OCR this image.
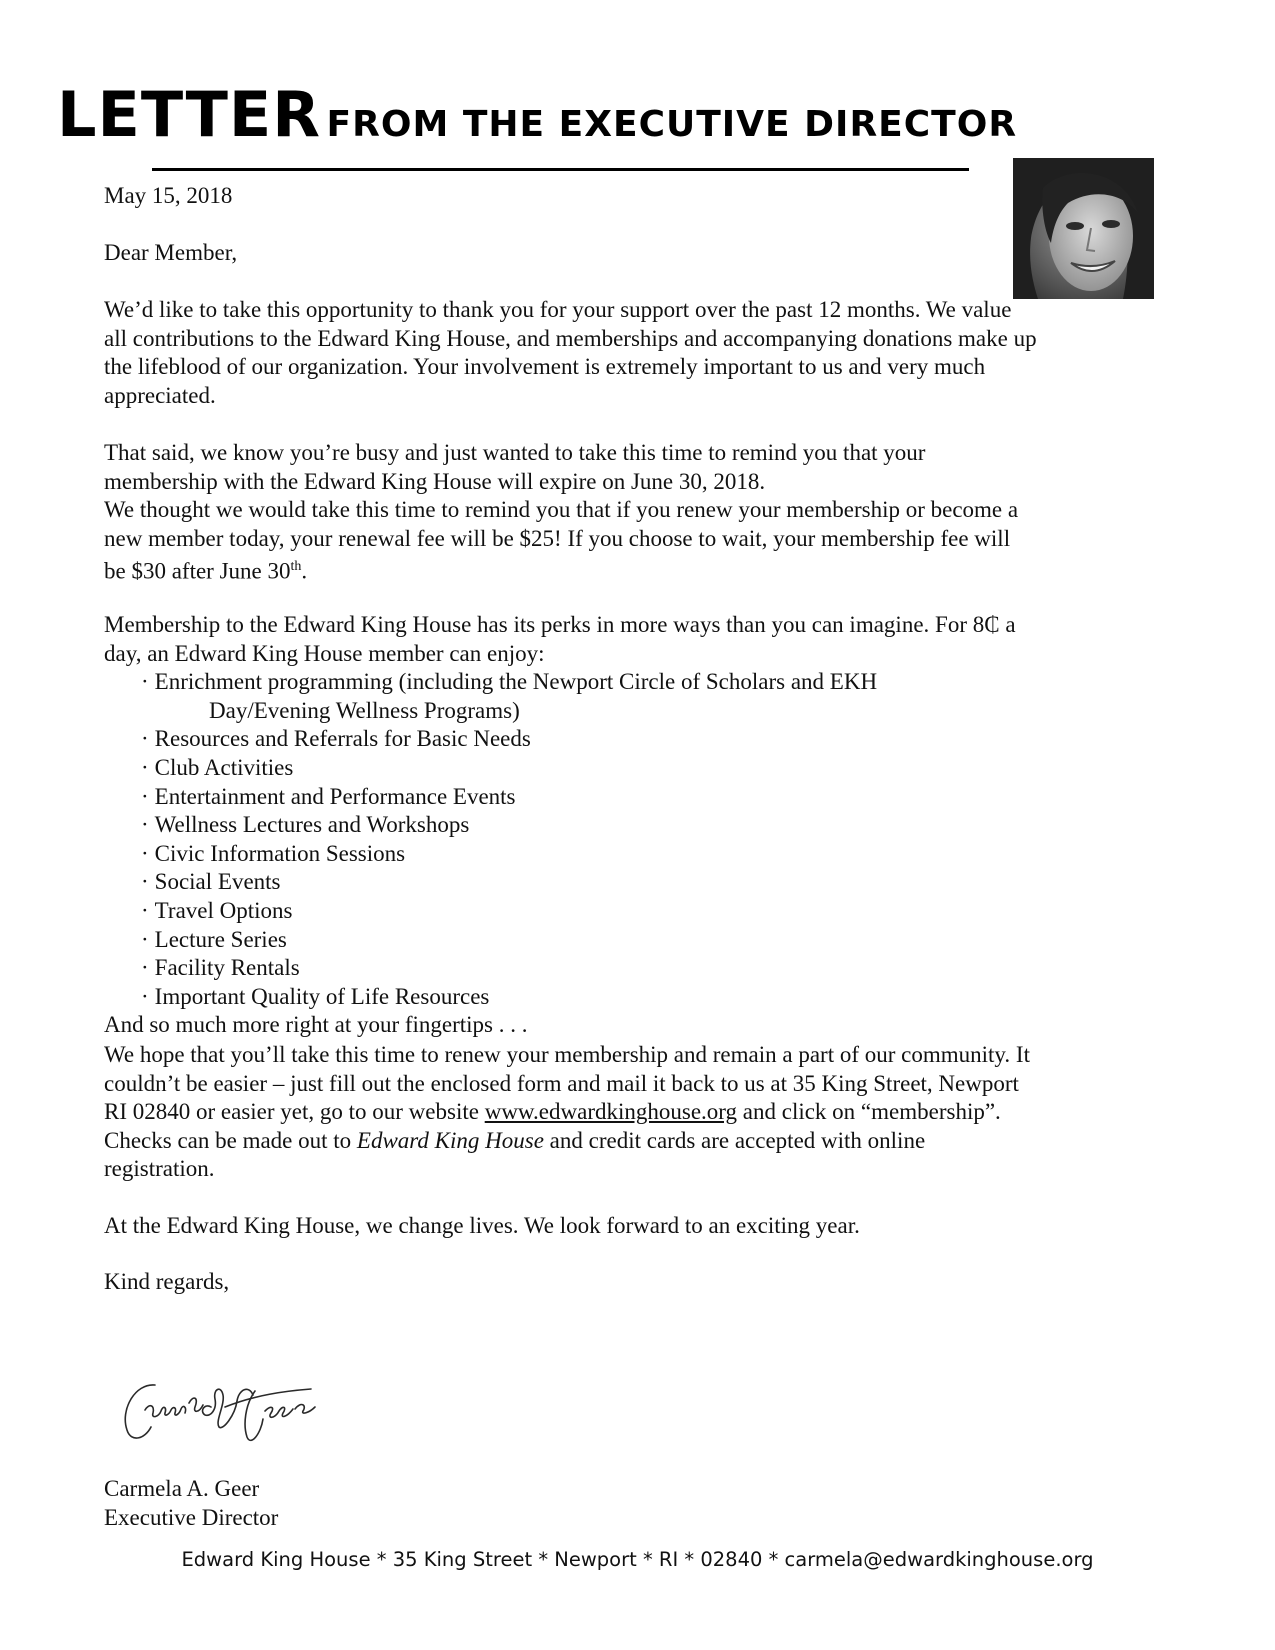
LETTER FROM THE EXECUTIVE DIRECTOR
May 15, 2018
Dear Member,
We’d like to take this opportunity to thank you for your support over the past 12 months. We value
all contributions to the Edward King House, and memberships and accompanying donations make up
the lifeblood of our organization. Your involvement is extremely important to us and very much
appreciated.
That said, we know you’re busy and just wanted to take this time to remind you that your
membership with the Edward King House will expire on June 30, 2018.
We thought we would take this time to remind you that if you renew your membership or become a
new member today, your renewal fee will be $25! If you choose to wait, your membership fee will
be $30 after June 30th.
Membership to the Edward King House has its perks in more ways than you can imagine. For 8₵ a
day, an Edward King House member can enjoy:
· Enrichment programming (including the Newport Circle of Scholars and EKH
Day/Evening Wellness Programs)
· Resources and Referrals for Basic Needs
· Club Activities
· Entertainment and Performance Events
· Wellness Lectures and Workshops
· Civic Information Sessions
· Social Events
· Travel Options
· Lecture Series
· Facility Rentals
· Important Quality of Life Resources
And so much more right at your fingertips . . .
We hope that you’ll take this time to renew your membership and remain a part of our community. It
couldn’t be easier – just fill out the enclosed form and mail it back to us at 35 King Street, Newport
RI 02840 or easier yet, go to our website www.edwardkinghouse.org and click on “membership”.
Checks can be made out to Edward King House and credit cards are accepted with online
registration.
At the Edward King House, we change lives. We look forward to an exciting year.
Kind regards,
Carmela A. Geer
Carmela A. Geer
Executive Director
Edward King House * 35 King Street * Newport * RI * 02840 * carmela@edwardkinghouse.org
